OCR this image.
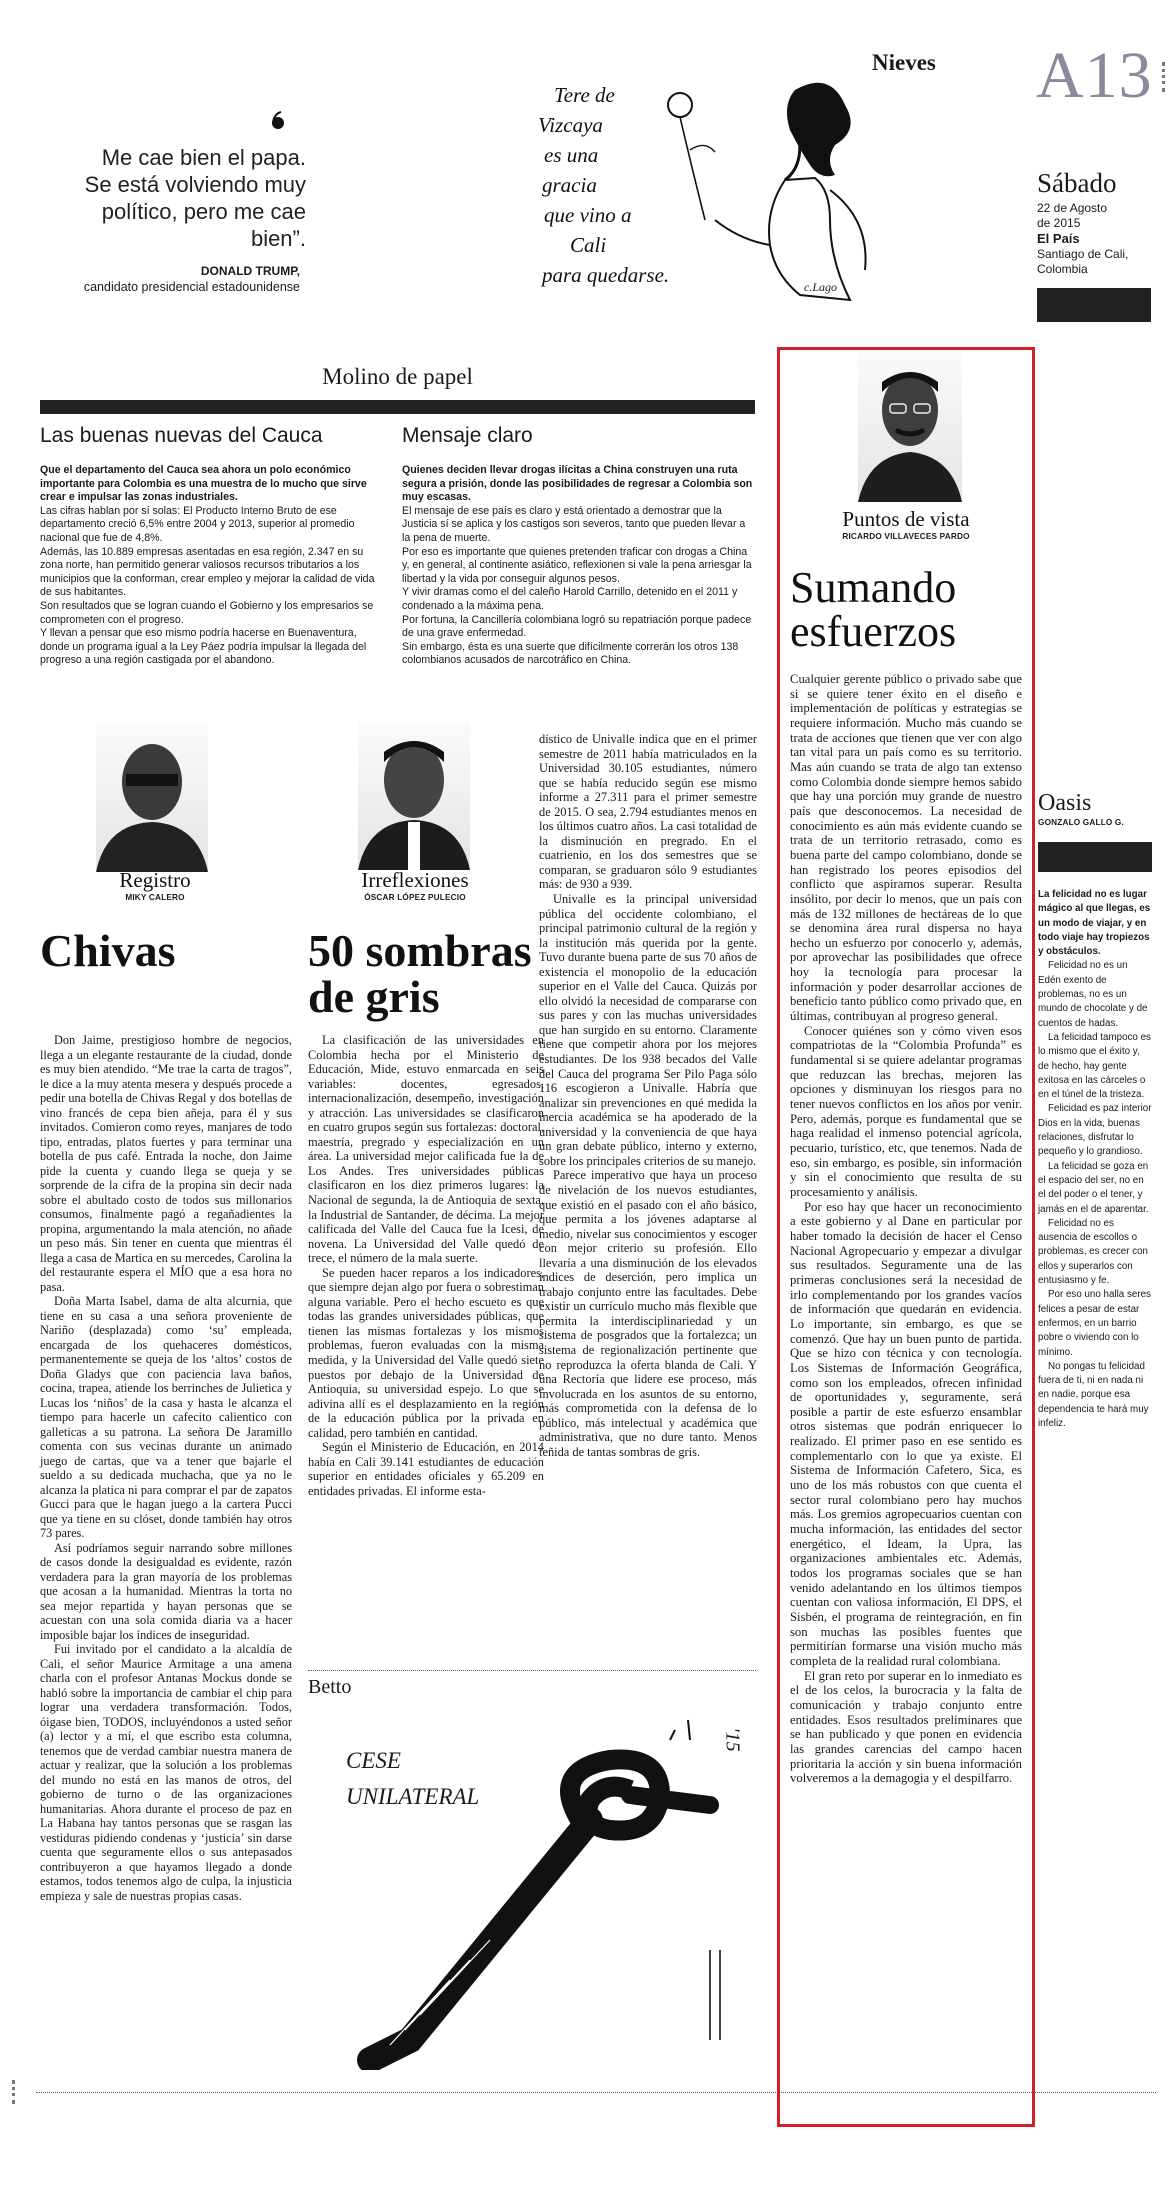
Nieves A13
Sábado
22 de Agosto
de 2015
El País
Santiago de Cali,
Colombia
Me cae bien el papa. Se está volviendo muy político, pero me cae bien”.
DONALD TRUMP,
candidato presidencial estadounidense
Tere de
Vizcaya
es una
gracia
que vino a
Cali
para quedarse.	c.Lago
Molino de papel
Las buenas nuevas del Cauca

Que el departamento del Cauca sea ahora un polo económico importante para Colombia es una muestra de lo mucho que sirve crear e impulsar las zonas industriales.

Las cifras hablan por sí solas: El Producto Interno Bruto de ese departamento creció 6,5% entre 2004 y 2013, superior al promedio nacional que fue de 4,8%.

Además, las 10.889 empresas asentadas en esa región, 2.347 en su zona norte, han permitido generar valiosos recursos tributarios a los municipios que la conforman, crear empleo y mejorar la calidad de vida de sus habitantes.

Son resultados que se logran cuando el Gobierno y los empresarios se comprometen con el progreso.

Y llevan a pensar que eso mismo podría hacerse en Buenaventura, donde un programa igual a la Ley Páez podría impulsar la llegada del progreso a una región castigada por el abandono.

Mensaje claro

Quienes deciden llevar drogas ilícitas a China construyen una ruta segura a prisión, donde las posibilidades de regresar a Colombia son muy escasas.

El mensaje de ese país es claro y está orientado a demostrar que la Justicia sí se aplica y los castigos son severos, tanto que pueden llevar a la pena de muerte.

Por eso es importante que quienes pretenden traficar con drogas a China y, en general, al continente asiático, reflexionen si vale la pena arriesgar la libertad y la vida por conseguir algunos pesos.

Y vivir dramas como el del caleño Harold Carrillo, detenido en el 2011 y condenado a la máxima pena.

Por fortuna, la Cancillería colombiana logró su repatriación porque padece de una grave enfermedad.

Sin embargo, ésta es una suerte que difícilmente correrán los otros 138 colombianos acusados de narcotráfico en China.

Registro
MIKY CALERO
Chivas

Don Jaime, prestigioso hombre de negocios, llega a un elegante restaurante de la ciudad, donde es muy bien atendido. “Me trae la carta de tragos”, le dice a la muy atenta mesera y después procede a pedir una botella de Chivas Regal y dos botellas de vino francés de cepa bien añeja, para él y sus invitados. Comieron como reyes, manjares de todo tipo, entradas, platos fuertes y para terminar una botella de pus café. Entrada la noche, don Jaime pide la cuenta y cuando llega se queja y se sorprende de la cifra de la propina sin decir nada sobre el abultado costo de todos sus millonarios consumos, finalmente pagó a regañadientes la propina, argumentando la mala atención, no añade un peso más. Sin tener en cuenta que mientras él llega a casa de Martica en su mercedes, Carolina la del restaurante espera el MÍO que a esa hora no pasa.

Doña Marta Isabel, dama de alta alcurnia, que tiene en su casa a una señora proveniente de Nariño (desplazada) como ‘su’ empleada, encargada de los quehaceres domésticos, permanentemente se queja de los ‘altos’ costos de Doña Gladys que con paciencia lava baños, cocina, trapea, atiende los berrinches de Julietica y Lucas los ‘niños’ de la casa y hasta le alcanza el tiempo para hacerle un cafecito calientico con galleticas a su patrona. La señora De Jaramillo comenta con sus vecinas durante un animado juego de cartas, que va a tener que bajarle el sueldo a su dedicada muchacha, que ya no le alcanza la platica ni para comprar el par de zapatos Gucci para que le hagan juego a la cartera Pucci que ya tiene en su clóset, donde también hay otros 73 pares.

Así podríamos seguir narrando sobre millones de casos donde la desigualdad es evidente, razón verdadera para la gran mayoría de los problemas que acosan a la humanidad. Mientras la torta no sea mejor repartida y hayan personas que se acuestan con una sola comida diaria va a hacer imposible bajar los índices de inseguridad.

Fui invitado por el candidato a la alcaldía de Cali, el señor Maurice Armitage a una amena charla con el profesor Antanas Mockus donde se habló sobre la importancia de cambiar el chip para lograr una verdadera transformación. Todos, óigase bien, TODOS, incluyéndonos a usted señor (a) lector y a mí, el que escribo esta columna, tenemos que de verdad cambiar nuestra manera de actuar y realizar, que la solución a los problemas del mundo no está en las manos de otros, del gobierno de turno o de las organizaciones humanitarias. Ahora durante el proceso de paz en La Habana hay tantos personas que se rasgan las vestiduras pidiendo condenas y ‘justicia’ sin darse cuenta que seguramente ellos o sus antepasados contribuyeron a que hayamos llegado a donde estamos, todos tenemos algo de culpa, la injusticia empieza y sale de nuestras propias casas.

Irreflexiones
ÓSCAR LÓPEZ PULECIO
50 sombras de gris

La clasificación de las universidades en Colombia hecha por el Ministerio de Educación, Mide, estuvo enmarcada en seis variables: docentes, egresados, internacionalización, desempeño, investigación y atracción. Las universidades se clasificaron en cuatro grupos según sus fortalezas: doctoral, maestría, pregrado y especialización en un área. La universidad mejor calificada fue la de Los Andes. Tres universidades públicas clasificaron en los diez primeros lugares: la Nacional de segunda, la de Antioquia de sexta, la Industrial de Santander, de décima. La mejor calificada del Valle del Cauca fue la Icesi, de novena. La Universidad del Valle quedó de trece, el número de la mala suerte.

Se pueden hacer reparos a los indicadores, que siempre dejan algo por fuera o sobrestiman alguna variable. Pero el hecho escueto es que todas las grandes universidades públicas, que tienen las mismas fortalezas y los mismos problemas, fueron evaluadas con la misma medida, y la Universidad del Valle quedó siete puestos por debajo de la Universidad de Antioquia, su universidad espejo. Lo que se adivina allí es el desplazamiento en la región de la educación pública por la privada en calidad, pero también en cantidad.

Según el Ministerio de Educación, en 2014 había en Cali 39.141 estudiantes de educación superior en entidades oficiales y 65.209 en entidades privadas. El informe esta-

dístico de Univalle indica que en el primer semestre de 2011 había matriculados en la Universidad 30.105 estudiantes, número que se había reducido según ese mismo informe a 27.311 para el primer semestre de 2015. O sea, 2.794 estudiantes menos en los últimos cuatro años. La casi totalidad de la disminución en pregrado. En el cuatrienio, en los dos semestres que se comparan, se graduaron sólo 9 estudiantes más: de 930 a 939.

Univalle es la principal universidad pública del occidente colombiano, el principal patrimonio cultural de la región y la institución más querida por la gente. Tuvo durante buena parte de sus 70 años de existencia el monopolio de la educación superior en el Valle del Cauca. Quizás por ello olvidó la necesidad de compararse con sus pares y con las muchas universidades que han surgido en su entorno. Claramente tiene que competir ahora por los mejores estudiantes. De los 938 becados del Valle del Cauca del programa Ser Pilo Paga sólo 116 escogieron a Univalle. Habría que analizar sin prevenciones en qué medida la inercia académica se ha apoderado de la universidad y la conveniencia de que haya un gran debate público, interno y externo, sobre los principales criterios de su manejo.

Parece imperativo que haya un proceso de nivelación de los nuevos estudiantes, que existió en el pasado con el año básico, que permita a los jóvenes adaptarse al medio, nivelar sus conocimientos y escoger con mejor criterio su profesión. Ello llevaría a una disminución de los elevados índices de deserción, pero implica un trabajo conjunto entre las facultades. Debe existir un currículo mucho más flexible que permita la interdisciplinariedad y un sistema de posgrados que la fortalezca; un sistema de regionalización pertinente que no reproduzca la oferta blanda de Cali. Y una Rectoría que lidere ese proceso, más involucrada en los asuntos de su entorno, más comprometida con la defensa de lo público, más intelectual y académica que administrativa, que no dure tanto. Menos teñida de tantas sombras de gris.

Betto
CESE
UNILATERAL
'15
Puntos de vista
RICARDO VILLAVECES PARDO
Sumando esfuerzos

Cualquier gerente público o privado sabe que si se quiere tener éxito en el diseño e implementación de políticas y estrategias se requiere información. Mucho más cuando se trata de acciones que tienen que ver con algo tan vital para un país como es su territorio. Mas aún cuando se trata de algo tan extenso como Colombia donde siempre hemos sabido que hay una porción muy grande de nuestro país que desconocemos. La necesidad de conocimiento es aún más evidente cuando se trata de un territorio retrasado, como es buena parte del campo colombiano, donde se han registrado los peores episodios del conflicto que aspiramos superar. Resulta insólito, por decir lo menos, que un país con más de 132 millones de hectáreas de lo que se denomina área rural dispersa no haya hecho un esfuerzo por conocerlo y, además, por aprovechar las posibilidades que ofrece hoy la tecnología para procesar la información y poder desarrollar acciones de beneficio tanto público como privado que, en últimas, contribuyan al progreso general.

Conocer quiénes son y cómo viven esos compatriotas de la “Colombia Profunda” es fundamental si se quiere adelantar programas que reduzcan las brechas, mejoren las opciones y disminuyan los riesgos para no tener nuevos conflictos en los años por venir. Pero, además, porque es fundamental que se haga realidad el inmenso potencial agrícola, pecuario, turístico, etc, que tenemos. Nada de eso, sin embargo, es posible, sin información y sin el conocimiento que resulta de su procesamiento y análisis.

Por eso hay que hacer un reconocimiento a este gobierno y al Dane en particular por haber tomado la decisión de hacer el Censo Nacional Agropecuario y empezar a divulgar sus resultados. Seguramente una de las primeras conclusiones será la necesidad de irlo complementando por los grandes vacíos de información que quedarán en evidencia. Lo importante, sin embargo, es que se comenzó. Que hay un buen punto de partida. Que se hizo con técnica y con tecnología. Los Sistemas de Información Geográfica, como son los empleados, ofrecen infinidad de oportunidades y, seguramente, será posible a partir de este esfuerzo ensamblar otros sistemas que podrán enriquecer lo realizado. El primer paso en ese sentido es complementarlo con lo que ya existe. El Sistema de Información Cafetero, Sica, es uno de los más robustos con que cuenta el sector rural colombiano pero hay muchos más. Los gremios agropecuarios cuentan con mucha información, las entidades del sector energético, el Ideam, la Upra, las organizaciones ambientales etc. Además, todos los programas sociales que se han venido adelantando en los últimos tiempos cuentan con valiosa información, El DPS, el Sisbén, el programa de reintegración, en fin son muchas las posibles fuentes que permitirían formarse una visión mucho más completa de la realidad rural colombiana.

El gran reto por superar en lo inmediato es el de los celos, la burocracia y la falta de comunicación y trabajo conjunto entre entidades. Esos resultados preliminares que se han publicado y que ponen en evidencia las grandes carencias del campo hacen prioritaria la acción y sin buena información volveremos a la demagogia y el despilfarro.

Oasis
GONZALO GALLO G.

La felicidad no es lugar mágico al que llegas, es un modo de viajar, y en todo viaje hay tropiezos y obstáculos.

Felicidad no es un Edén exento de problemas, no es un mundo de chocolate y de cuentos de hadas.

La felicidad tampoco es lo mismo que el éxito y, de hecho, hay gente exitosa en las cárceles o en el túnel de la tristeza.

Felicidad es paz interior Dios en la vida, buenas relaciones, disfrutar lo pequeño y lo grandioso.

La felicidad se goza en el espacio del ser, no en el del poder o el tener, y jamás en el de aparentar.

Felicidad no es ausencia de escollos o problemas, es crecer con ellos y superarlos con entusiasmo y fe.

Por eso uno halla seres felices a pesar de estar enfermos, en un barrio pobre o viviendo con lo mínimo.

No pongas tu felicidad fuera de ti, ni en nada ni en nadie, porque esa dependencia te hará muy infeliz.
